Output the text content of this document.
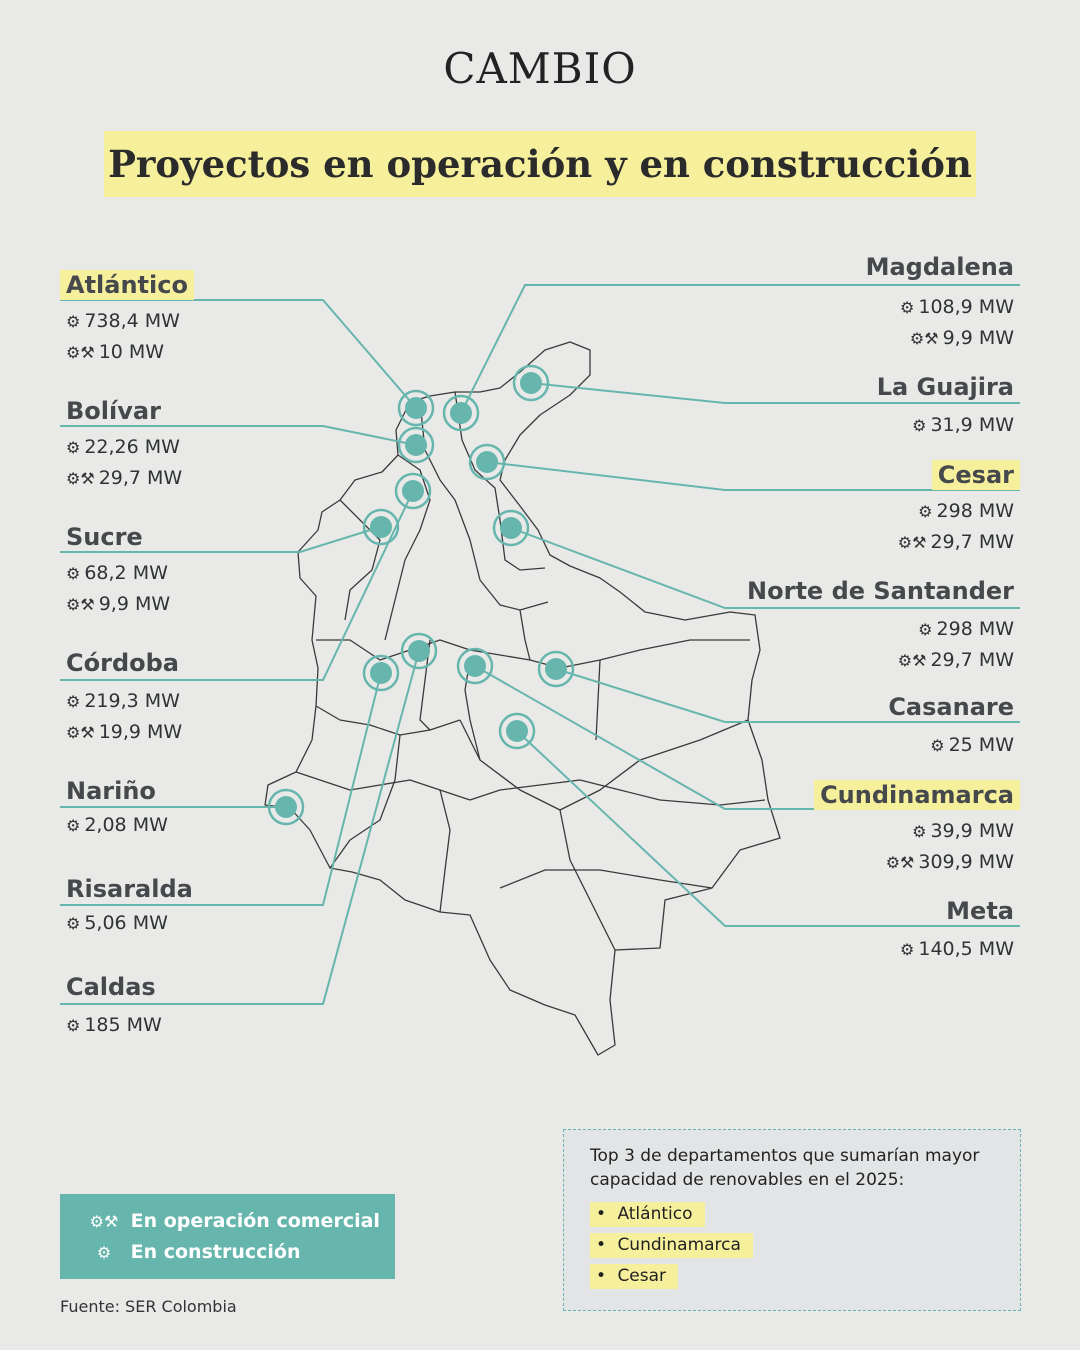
CAMBIO
Proyectos en operación y en construcción
Atlántico
⚙ 738,4 MW
⚙⚒ 10 MW
Bolívar
⚙ 22,26 MW
⚙⚒ 29,7 MW
Sucre
⚙ 68,2 MW
⚙⚒ 9,9 MW
Córdoba
⚙ 219,3 MW
⚙⚒ 19,9 MW
Nariño
⚙ 2,08 MW
Risaralda
⚙ 5,06 MW
Caldas
⚙ 185 MW
Magdalena
⚙ 108,9 MW
⚙⚒ 9,9 MW
La Guajira
⚙ 31,9 MW
Cesar
⚙ 298 MW
⚙⚒ 29,7 MW
Norte de Santander
⚙ 298 MW
⚙⚒ 29,7 MW
Casanare
⚙ 25 MW
Cundinamarca
⚙ 39,9 MW
⚙⚒ 309,9 MW
Meta
⚙ 140,5 MW
⚙⚒ En operación comercial
⚙ En construcción
Fuente: SER Colombia
Top 3 de departamentos que sumarían mayor capacidad de renovables en el 2025:
• Atlántico
• Cundinamarca
• Cesar
